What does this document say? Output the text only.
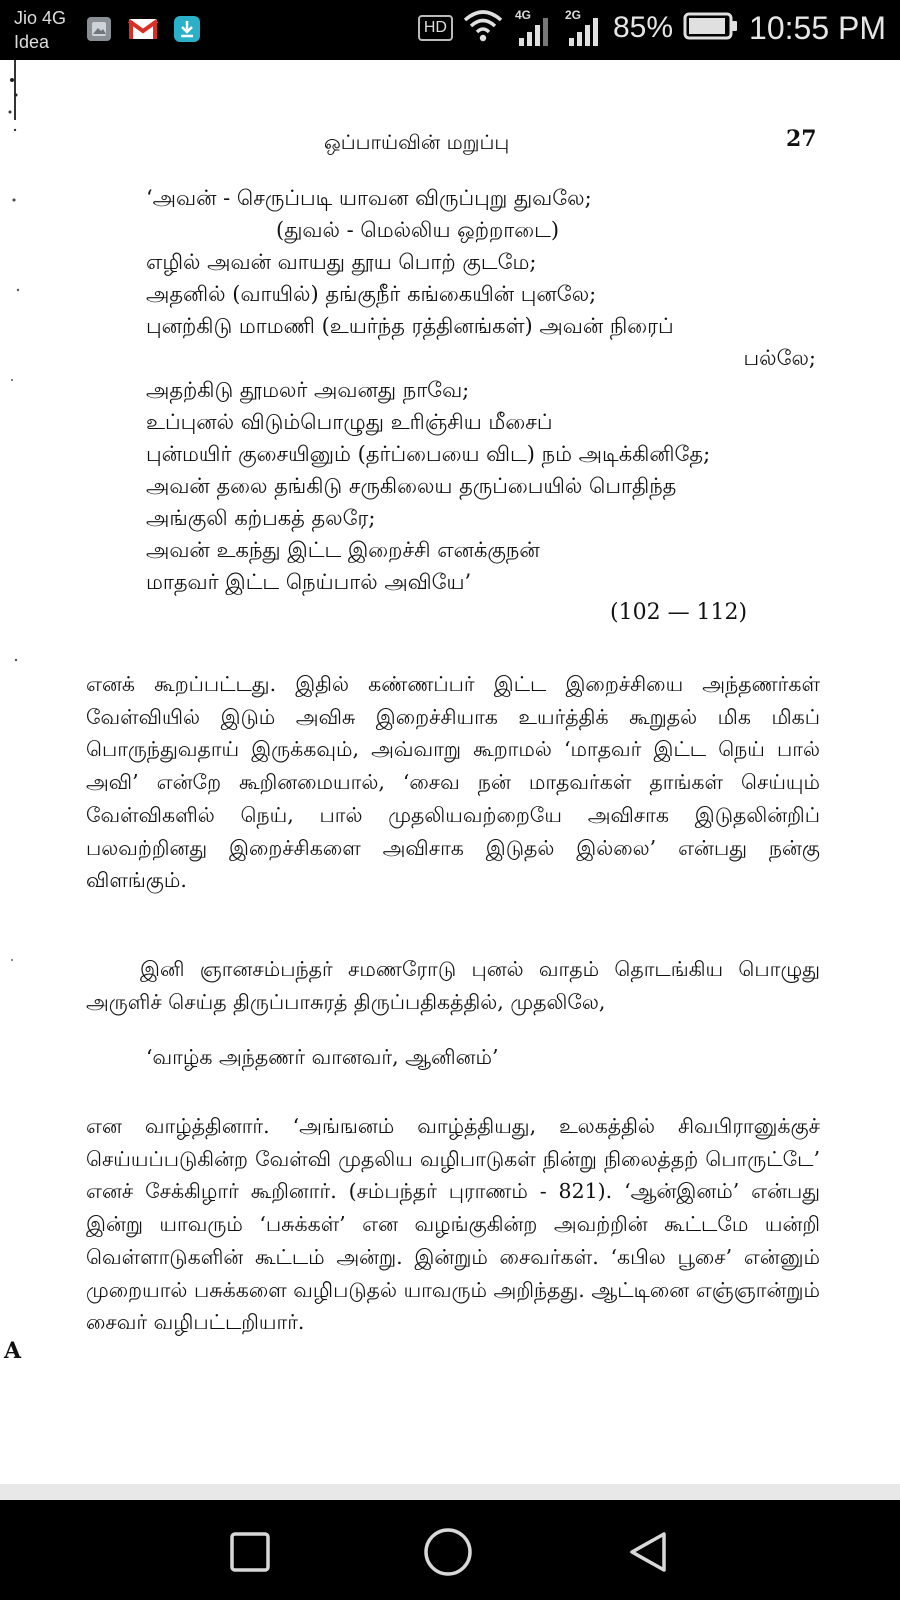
Jio 4G
Idea
HD
4G	2G 85% 10:55 PM
ஒப்பாய்வின் மறுப்பு	27
‘அவன் - செருப்படி யாவன விருப்புறு துவலே;
(துவல் - மெல்லிய ஒற்றாடை)
எழில் அவன் வாயது தூய பொற் குடமே;
அதனில் (வாயில்) தங்குநீர் கங்கையின் புனலே;
புனற்கிடு மாமணி (உயர்ந்த ரத்தினங்கள்) அவன் நிரைப்
பல்லே;
அதற்கிடு தூமலர் அவனது நாவே;
உப்புனல் விடும்பொழுது உரிஞ்சிய மீசைப்
புன்மயிர் குசையினும் (தர்ப்பையை விட) நம் அடிக்கினிதே;
அவன் தலை தங்கிடு சருகிலைய தருப்பையில் பொதிந்த
அங்குலி கற்பகத் தலரே;
அவன் உகந்து இட்ட இறைச்சி எனக்குநன்
மாதவர் இட்ட நெய்பால் அவியே’
(102 — 112)

எனக் கூறப்பட்டது. இதில் கண்ணப்பர் இட்ட இறைச்சியை அந்தணர்கள் வேள்வியில் இடும் அவிசு இறைச்சியாக உயர்த்திக் கூறுதல் மிக மிகப் பொருந்துவதாய் இருக்கவும், அவ்வாறு கூறாமல் ‘மாதவர் இட்ட நெய் பால் அவி’ என்றே கூறினமையால், ‘சைவ நன் மாதவர்கள் தாங்கள் செய்யும் வேள்விகளில் நெய், பால் முதலியவற்றையே அவிசாக இடுதலின்றிப் பலவற்றினது இறைச்சிகளை அவிசாக இடுதல் இல்லை’ என்பது நன்கு விளங்கும்.

இனி ஞானசம்பந்தர் சமணரோடு புனல் வாதம் தொடங்கிய பொழுது அருளிச் செய்த திருப்பாசுரத் திருப்பதிகத்தில், முதலிலே,

‘வாழ்க அந்தணர் வானவர், ஆனினம்’

என வாழ்த்தினார். ‘அங்ஙனம் வாழ்த்தியது, உலகத்தில் சிவபிரானுக்குச் செய்யப்படுகின்ற வேள்வி முதலிய வழிபாடுகள் நின்று நிலைத்தற் பொருட்டே’ எனச் சேக்கிழார் கூறினார். (சம்பந்தர் புராணம் - 821). ‘ஆன்இனம்’ என்பது இன்று யாவரும் ‘பசுக்கள்’ என வழங்குகின்ற அவற்றின் கூட்டமே யன்றி வெள்ளாடுகளின் கூட்டம் அன்று. இன்றும் சைவர்கள். ‘கபில பூசை’ என்னும் முறையால் பசுக்களை வழிபடுதல் யாவரும் அறிந்தது. ஆட்டினை எஞ்ஞான்றும் சைவர் வழிபட்டறியார்.

A
